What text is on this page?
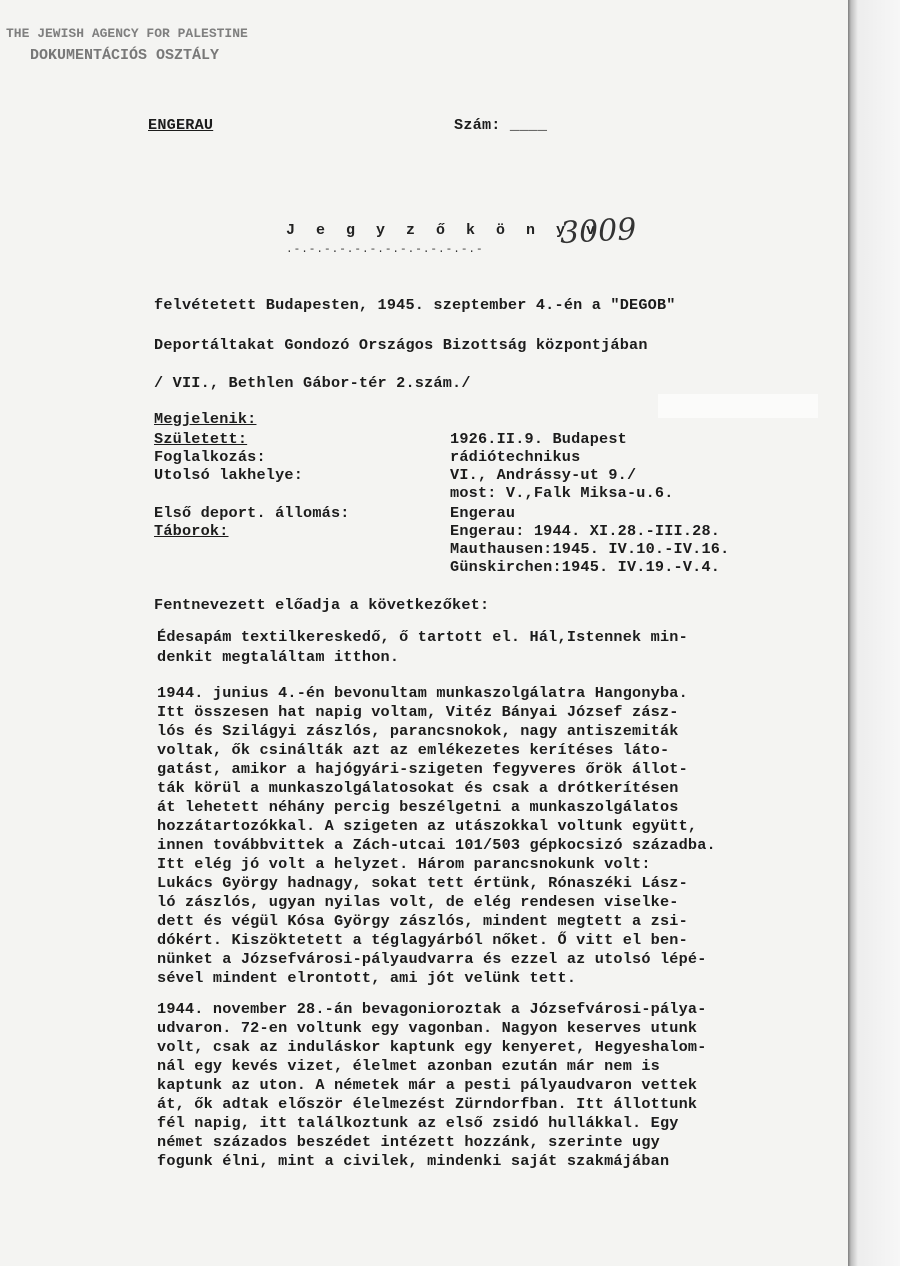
THE JEWISH AGENCY FOR PALESTINE
DOKUMENTÁCIÓS OSZTÁLY
ENGERAU	Szám: ____
J e g y z ő k ö n y v
.-.-.-.-.-.-.-.-.-.-.-.-.-	3009
felvétetett Budapesten, 1945. szeptember 4.-én a "DEGOB"
Deportáltakat Gondozó Országos Bizottság központjában
/ VII., Bethlen Gábor-tér 2.szám./
Megjelenik:
Született:	1926.II.9. Budapest
Foglalkozás:	rádiótechnikus
Utolsó lakhelye:	VI., Andrássy-ut 9./
most: V.,Falk Miksa-u.6.
Első deport. állomás:	Engerau
Táborok:	Engerau: 1944. XI.28.-III.28.
Mauthausen:1945. IV.10.-IV.16.
Günskirchen:1945. IV.19.-V.4.
Fentnevezett előadja a következőket:
Édesapám textilkereskedő, ő tartott el. Hál,Istennek min-
denkit megtaláltam itthon.
1944. junius 4.-én bevonultam munkaszolgálatra Hangonyba.
Itt összesen hat napig voltam, Vitéz Bányai József zász-
lós és Szilágyi zászlós, parancsnokok, nagy antiszemiták
voltak, ők csinálták azt az emlékezetes kerítéses láto-
gatást, amikor a hajógyári-szigeten fegyveres őrök állot-
ták körül a munkaszolgálatosokat és csak a drótkerítésen
át lehetett néhány percig beszélgetni a munkaszolgálatos
hozzátartozókkal. A szigeten az utászokkal voltunk együtt,
innen továbbvittek a Zách-utcai 101/503 gépkocsizó századba.
Itt elég jó volt a helyzet. Három parancsnokunk volt:
Lukács György hadnagy, sokat tett értünk, Rónaszéki Lász-
ló zászlós, ugyan nyilas volt, de elég rendesen viselke-
dett és végül Kósa György zászlós, mindent megtett a zsi-
dókért. Kiszöktetett a téglagyárból nőket. Ő vitt el ben-
nünket a Józsefvárosi-pályaudvarra és ezzel az utolsó lépé-
sével mindent elrontott, ami jót velünk tett.
1944. november 28.-án bevagonioroztak a Józsefvárosi-pálya-
udvaron. 72-en voltunk egy vagonban. Nagyon keserves utunk
volt, csak az induláskor kaptunk egy kenyeret, Hegyeshalom-
nál egy kevés vizet, élelmet azonban ezután már nem is
kaptunk az uton. A németek már a pesti pályaudvaron vettek
át, ők adtak először élelmezést Zürndorfban. Itt állottunk
fél napig, itt találkoztunk az első zsidó hullákkal. Egy
német százados beszédet intézett hozzánk, szerinte ugy
fogunk élni, mint a civilek, mindenki saját szakmájában
